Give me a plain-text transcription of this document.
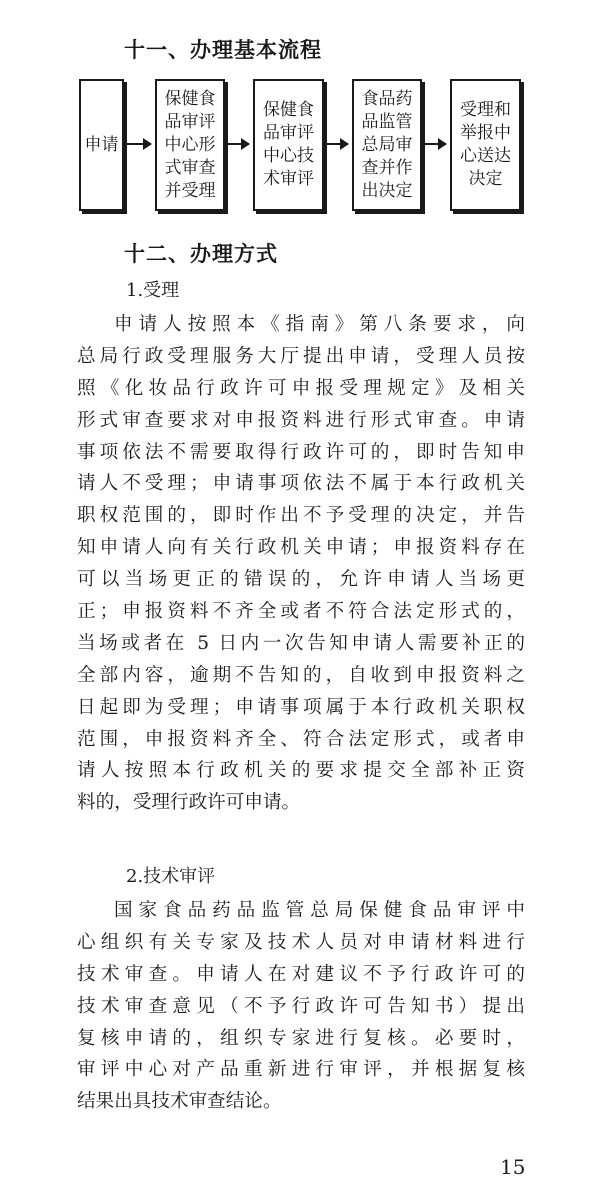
十一、办理基本流程
申请
保健食品审评中心形式审查并受理
保健食品审评中心技术审评
食品药品监管总局审查并作出决定
受理和举报中心送达决定
十二、办理方式
1.受理
申请人按照本《指南》第八条要求，向
总局行政受理服务大厅提出申请，受理人员按
照《化妆品行政许可申报受理规定》及相关
形式审查要求对申报资料进行形式审查。申请
事项依法不需要取得行政许可的，即时告知申
请人不受理；申请事项依法不属于本行政机关
职权范围的，即时作出不予受理的决定，并告
知申请人向有关行政机关申请；申报资料存在
可以当场更正的错误的，允许申请人当场更
正；申报资料不齐全或者不符合法定形式的，
当场或者在 5 日内一次告知申请人需要补正的
全部内容，逾期不告知的，自收到申报资料之
日起即为受理；申请事项属于本行政机关职权
范围，申报资料齐全、符合法定形式，或者申
请人按照本行政机关的要求提交全部补正资
料的，受理行政许可申请。
2.技术审评
国家食品药品监管总局保健食品审评中
心组织有关专家及技术人员对申请材料进行
技术审查。申请人在对建议不予行政许可的
技术审查意见（不予行政许可告知书）提出
复核申请的，组织专家进行复核。必要时，
审评中心对产品重新进行审评，并根据复核
结果出具技术审查结论。
15
